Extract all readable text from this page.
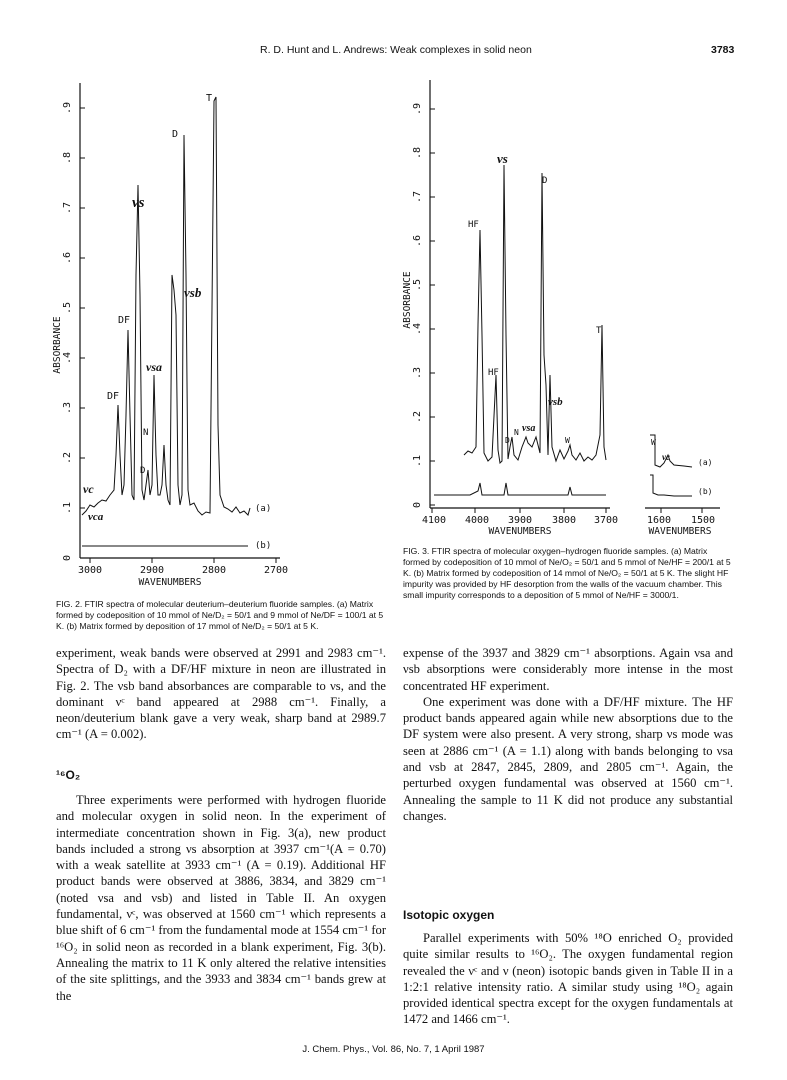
R. D. Hunt and L. Andrews: Weak complexes in solid neon	3783
0
.1
.2
.3
.4
.5
.6
.7
.8
.9
ABSORBANCE
3000	2900	2800	2700
WAVENUMBERS
(a)
(b)
T
D
νs
νsb
DF
DF
νsa
N
D
νc
νca
FIG. 2. FTIR spectra of molecular deuterium–deuterium fluoride samples. (a) Matrix formed by codeposition of 10 mmol of Ne/D₂ = 50/1 and 9 mmol of Ne/DF = 100/1 at 5 K. (b) Matrix formed by deposition of 17 mmol of Ne/D₂ = 50/1 at 5 K.
0
.1
.2
.3
.4
.5
.6
.7
.8
.9
ABSORBANCE
4100 4000 3900 3800 3700	1600 1500
WAVENUMBERS	WAVENUMBERS
(a)
(b)
HF
νs
D
T
HF
νsb
N νsa
D	W	W
νc
FIG. 3. FTIR spectra of molecular oxygen–hydrogen fluoride samples. (a) Matrix formed by codeposition of 10 mmol of Ne/O₂ = 50/1 and 5 mmol of Ne/HF = 200/1 at 5 K. (b) Matrix formed by codeposition of 14 mmol of Ne/O₂ = 50/1 at 5 K. The slight HF impurity was provided by HF desorption from the walls of the vacuum chamber. This small impurity corresponds to a deposition of 5 mmol of Ne/HF = 3000/1.

experiment, weak bands were observed at 2991 and 2983 cm⁻¹. Spectra of D₂ with a DF/HF mixture in neon are illustrated in Fig. 2. The νsb band absorbances are comparable to νs, and the dominant νᶜ band appeared at 2988 cm⁻¹. Finally, a neon/deuterium blank gave a very weak, sharp band at 2989.7 cm⁻¹ (A = 0.002).

¹⁶O₂

Three experiments were performed with hydrogen fluoride and molecular oxygen in solid neon. In the experiment of intermediate concentration shown in Fig. 3(a), new product bands included a strong νs absorption at 3937 cm⁻¹(A = 0.70) with a weak satellite at 3933 cm⁻¹ (A = 0.19). Additional HF product bands were observed at 3886, 3834, and 3829 cm⁻¹ (noted νsa and νsb) and listed in Table II. An oxygen fundamental, νᶜ, was observed at 1560 cm⁻¹ which represents a blue shift of 6 cm⁻¹ from the fundamental mode at 1554 cm⁻¹ for ¹⁶O₂ in solid neon as recorded in a blank experiment, Fig. 3(b). Annealing the matrix to 11 K only altered the relative intensities of the site splittings, and the 3933 and 3834 cm⁻¹ bands grew at the

expense of the 3937 and 3829 cm⁻¹ absorptions. Again νsa and νsb absorptions were considerably more intense in the most concentrated HF experiment.

One experiment was done with a DF/HF mixture. The HF product bands appeared again while new absorptions due to the DF system were also present. A very strong, sharp νs mode was seen at 2886 cm⁻¹ (A = 1.1) along with bands belonging to νsa and νsb at 2847, 2845, 2809, and 2805 cm⁻¹. Again, the perturbed oxygen fundamental was observed at 1560 cm⁻¹. Annealing the sample to 11 K did not produce any substantial changes.

Isotopic oxygen

Parallel experiments with 50% ¹⁸O enriched O₂ provided quite similar results to ¹⁶O₂. The oxygen fundamental region revealed the νᶜ and ν (neon) isotopic bands given in Table II in a 1:2:1 relative intensity ratio. A similar study using ¹⁸O₂ again provided identical spectra except for the oxygen fundamentals at 1472 and 1466 cm⁻¹.

J. Chem. Phys., Vol. 86, No. 7, 1 April 1987
